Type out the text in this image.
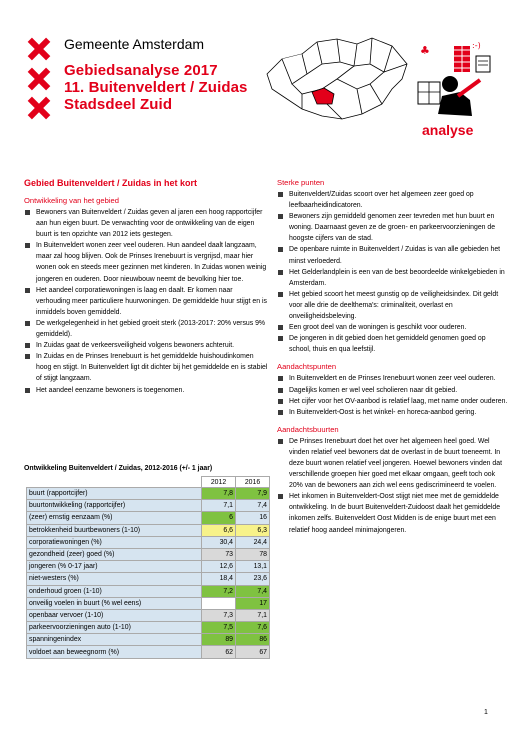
Gemeente Amsterdam
Gebiedsanalyse 2017
11. Buitenveldert / Zuidas
Stadsdeel Zuid
♣	:-)
analyse
Gebied Buitenveldert / Zuidas in het kort
Ontwikkeling van het gebied
Bewoners van Buitenveldert / Zuidas geven al jaren een hoog rapportcijfer aan hun eigen buurt. De verwachting voor de ontwikkeling van de eigen buurt is ten opzichte van 2012 iets gestegen.
In Buitenveldert wonen zeer veel ouderen. Hun aandeel daalt langzaam, maar zal hoog blijven. Ook de Prinses Irenebuurt is vergrijsd, maar hier wonen ook en steeds meer gezinnen met kinderen. In Zuidas wonen weinig jongeren en ouderen. Door nieuwbouw neemt de bevolking hier toe.
Het aandeel corporatiewoningen is laag en daalt. Er komen naar verhouding meer particuliere huurwoningen. De gemiddelde huur stijgt en is inmiddels boven gemiddeld.
De werkgelegenheid in het gebied groeit sterk (2013-2017: 20% versus 9% gemiddeld).
In Zuidas gaat de verkeersveiligheid volgens bewoners achteruit.
In Zuidas en de Prinses Irenebuurt is het gemiddelde huishoudinkomen hoog en stijgt. In Buitenveldert ligt dit dichter bij het gemiddelde en is stabiel of stijgt langzaam.
Het aandeel eenzame bewoners is toegenomen.
Ontwikkeling Buitenveldert / Zuidas, 2012-2016 (+/- 1 jaar)
	2012	2016
buurt (rapportcijfer)	7,8	7,9
buurtontwikkeling (rapportcijfer)	7,1	7,4
(zeer) ernstig eenzaam (%)	6	16
betrokkenheid buurtbewoners (1-10)	6,6	6,3
corporatiewoningen (%)	30,4	24,4
gezondheid (zeer) goed (%)	73	78
jongeren (% 0-17 jaar)	12,6	13,1
niet-westers (%)	18,4	23,6
onderhoud groen (1-10)	7,2	7,4
onveilig voelen in buurt (% wel eens)		17
openbaar vervoer (1-10)	7,3	7,1
parkeervoorzieningen auto (1-10)	7,5	7,6
spanningenindex	89	86
voldoet aan beweegnorm (%)	62	67
Sterke punten
Buitenveldert/Zuidas scoort over het algemeen zeer goed op leefbaarheidindicatoren.
Bewoners zijn gemiddeld genomen zeer tevreden met hun buurt en woning. Daarnaast geven ze de groen- en parkeervoorzieningen de hoogste cijfers van de stad.
De openbare ruimte in Buitenveldert / Zuidas is van alle gebieden het minst verloederd.
Het Gelderlandplein is een van de best beoordeelde winkelgebieden in Amsterdam.
Het gebied scoort het meest gunstig op de veiligheidsindex. Dit geldt voor alle drie de deelthema's: criminaliteit, overlast en onveiligheidsbeleving.
Een groot deel van de woningen is geschikt voor ouderen.
De jongeren in dit gebied doen het gemiddeld genomen goed op school, thuis en qua leefstijl.
Aandachtspunten
In Buitenveldert en de Prinses Irenebuurt wonen zeer veel ouderen.
Dagelijks komen er wel veel scholieren naar dit gebied.
Het cijfer voor het OV-aanbod is relatief laag, met name onder ouderen.
In Buitenveldert-Oost is het winkel- en horeca-aanbod gering.
Aandachtsbuurten
De Prinses Irenebuurt doet het over het algemeen heel goed. Wel vinden relatief veel bewoners dat de overlast in de buurt toeneemt. In deze buurt wonen relatief veel jongeren. Hoewel bewoners vinden dat verschillende groepen hier goed met elkaar omgaan, geeft toch ook 20% van de bewoners aan zich wel eens gediscrimineerd te voelen.
Het inkomen in Buitenveldert-Oost stijgt niet mee met de gemiddelde ontwikkeling. In de buurt Buitenveldert-Zuidoost daalt het gemiddelde inkomen zelfs. Buitenveldert Oost Midden is de enige buurt met een relatief hoog aandeel minimajongeren.
1
